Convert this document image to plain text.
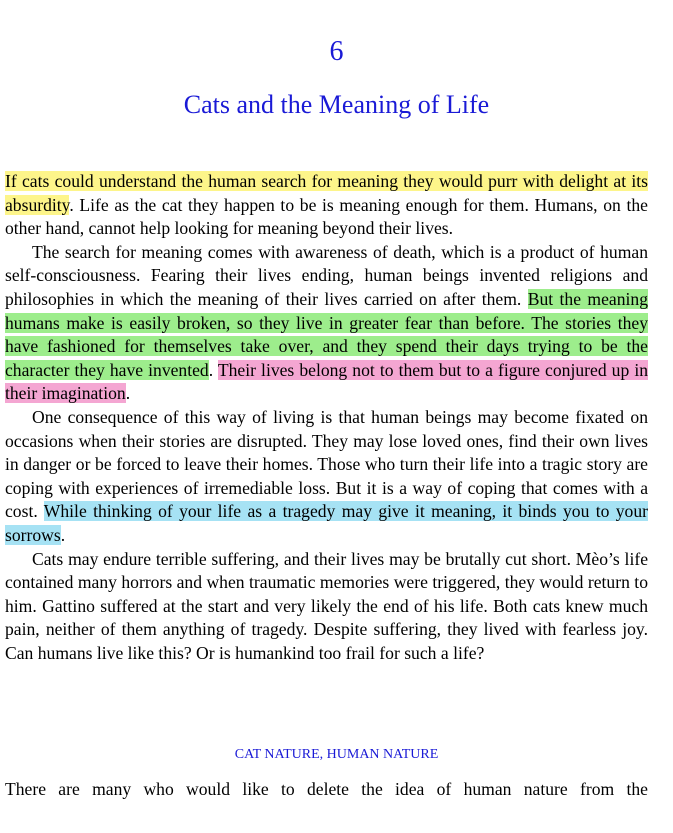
6
Cats and the Meaning of Life

If cats could understand the human search for meaning they would purr with delight at its absurdity. Life as the cat they happen to be is meaning enough for them. Humans, on the other hand, cannot help looking for meaning beyond their lives.

The search for meaning comes with awareness of death, which is a product of human self-consciousness. Fearing their lives ending, human beings invented religions and philosophies in which the meaning of their lives carried on after them. But the meaning humans make is easily broken, so they live in greater fear than before. The stories they have fashioned for themselves take over, and they spend their days trying to be the character they have invented. Their lives belong not to them but to a figure conjured up in their imagination.

One consequence of this way of living is that human beings may become fixated on occasions when their stories are disrupted. They may lose loved ones, find their own lives in danger or be forced to leave their homes. Those who turn their life into a tragic story are coping with experiences of irremediable loss. But it is a way of coping that comes with a cost. While thinking of your life as a tragedy may give it meaning, it binds you to your sorrows.

Cats may endure terrible suffering, and their lives may be brutally cut short. Mèo’s life contained many horrors and when traumatic memories were triggered, they would return to him. Gattino suffered at the start and very likely the end of his life. Both cats knew much pain, neither of them anything of tragedy. Despite suffering, they lived with fearless joy. Can humans live like this? Or is humankind too frail for such a life?

CAT NATURE, HUMAN NATURE
There are many who would like to delete the idea of human nature from the
